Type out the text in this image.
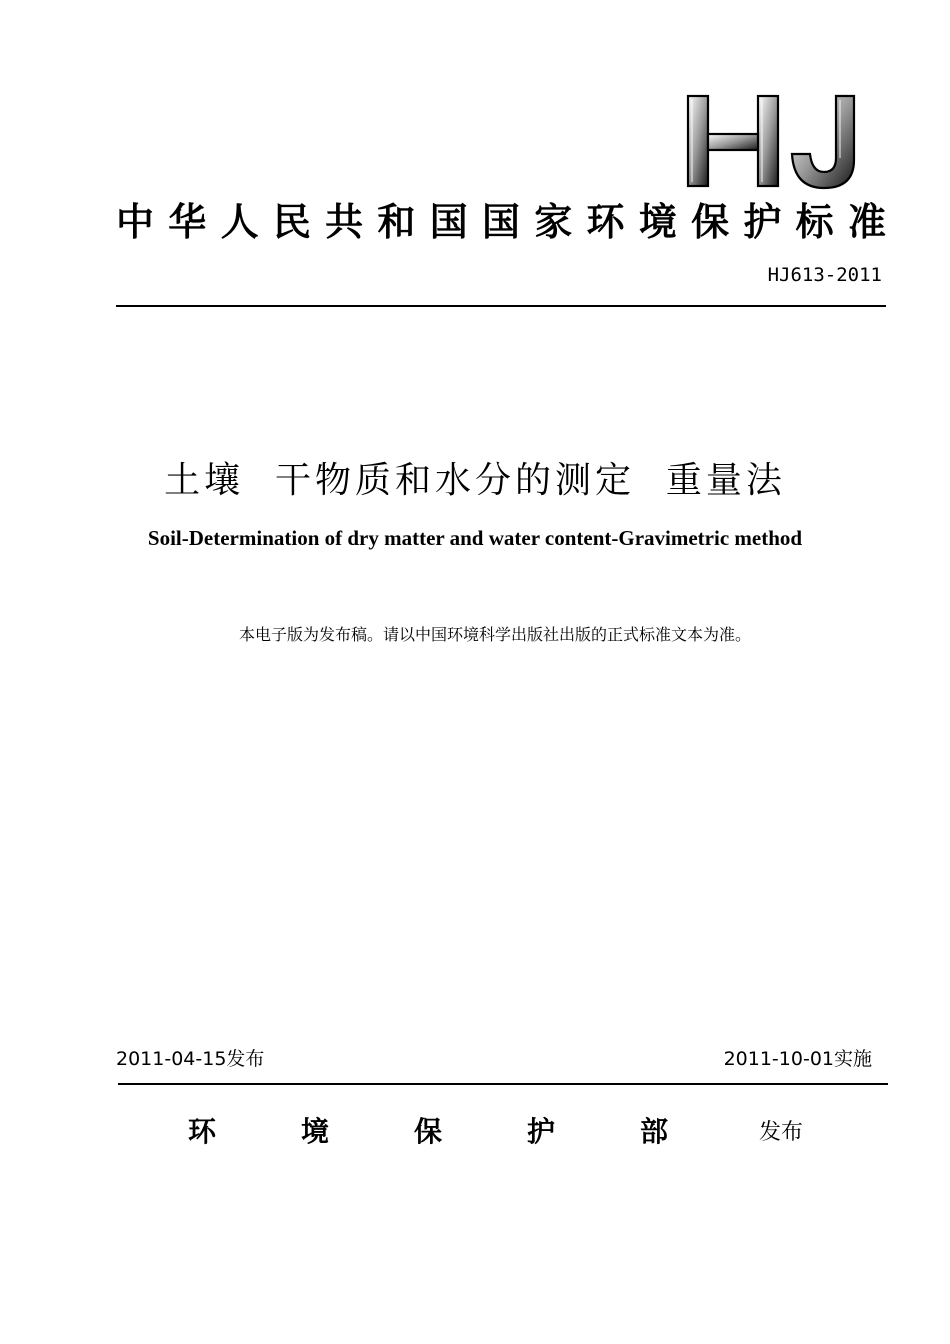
中 华 人 民 共 和 国 国 家 环 境 保 护 标 准
HJ613-2011
土壤  干物质和水分的测定  重量法
Soil-Determination of dry matter and water content-Gravimetric method
本电子版为发布稿。请以中国环境科学出版社出版的正式标准文本为准。
2011-04-15发布	2011-10-01实施
环	境	保	护	部	发布
